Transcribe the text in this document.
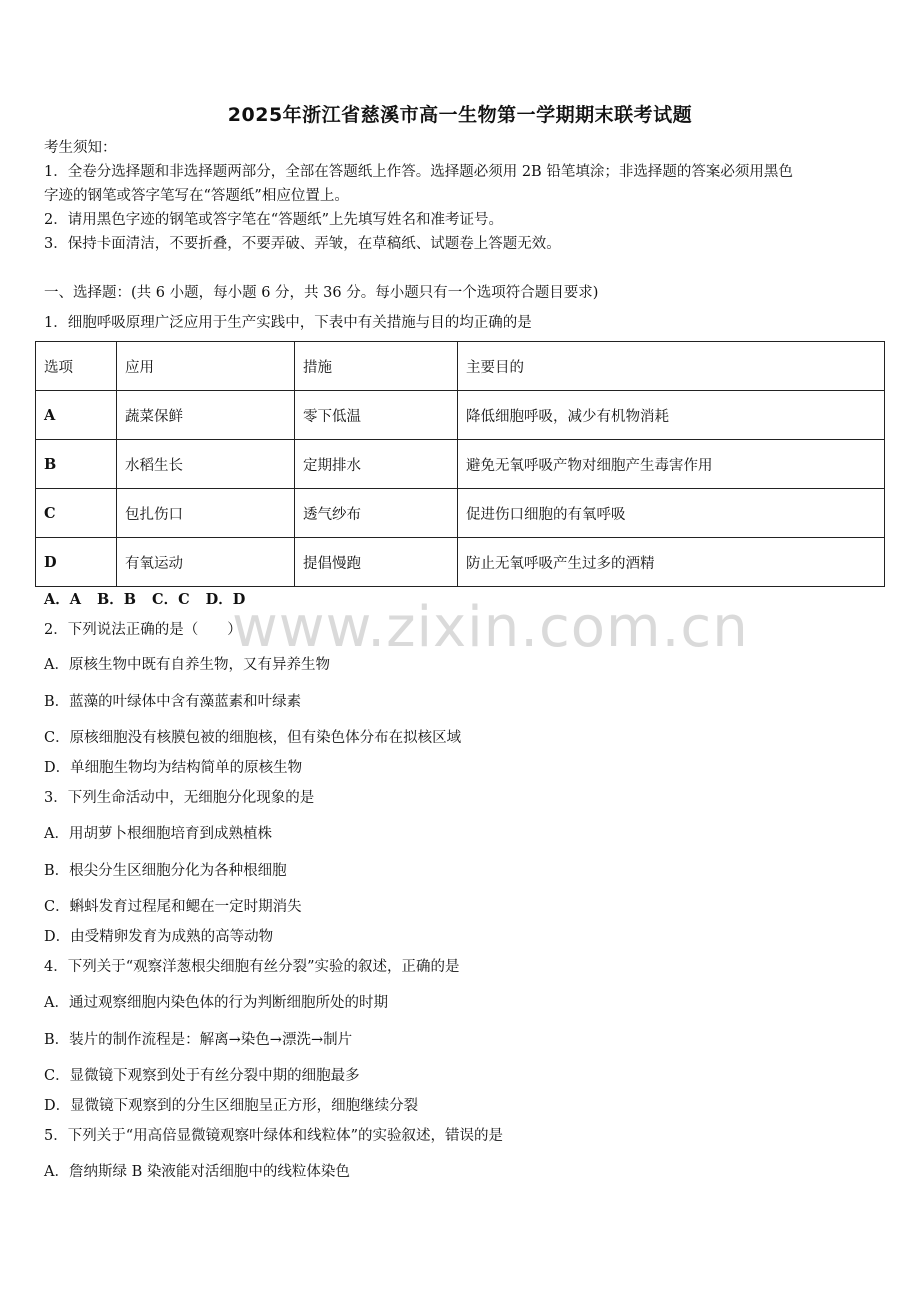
2025年浙江省慈溪市高一生物第一学期期末联考试题
考生须知：
1．全卷分选择题和非选择题两部分，全部在答题纸上作答。选择题必须用 2B 铅笔填涂；非选择题的答案必须用黑色
字迹的钢笔或答字笔写在“答题纸”相应位置上。
2．请用黑色字迹的钢笔或答字笔在“答题纸”上先填写姓名和准考证号。
3．保持卡面清洁，不要折叠，不要弄破、弄皱，在草稿纸、试题卷上答题无效。
一、选择题：(共 6 小题，每小题 6 分，共 36 分。每小题只有一个选项符合题目要求)
1．细胞呼吸原理广泛应用于生产实践中，下表中有关措施与目的均正确的是
选项	应用	措施	主要目的
A	蔬菜保鲜	零下低温	降低细胞呼吸，减少有机物消耗
B	水稻生长	定期排水	避免无氧呼吸产物对细胞产生毒害作用
C	包扎伤口	透气纱布	促进伤口细胞的有氧呼吸
D	有氧运动	提倡慢跑	防止无氧呼吸产生过多的酒精
A．A B．B C．C D．D
2．下列说法正确的是（　　）
A．原核生物中既有自养生物，又有异养生物
B．蓝藻的叶绿体中含有藻蓝素和叶绿素
C．原核细胞没有核膜包被的细胞核，但有染色体分布在拟核区域
D．单细胞生物均为结构简单的原核生物
3．下列生命活动中，无细胞分化现象的是
A．用胡萝卜根细胞培育到成熟植株
B．根尖分生区细胞分化为各种根细胞
C．蝌蚪发育过程尾和鳃在一定时期消失
D．由受精卵发育为成熟的高等动物
4．下列关于“观察洋葱根尖细胞有丝分裂”实验的叙述，正确的是
A．通过观察细胞内染色体的行为判断细胞所处的时期
B．装片的制作流程是：解离→染色→漂洗→制片
C．显微镜下观察到处于有丝分裂中期的细胞最多
D．显微镜下观察到的分生区细胞呈正方形，细胞继续分裂
5．下列关于“用高倍显微镜观察叶绿体和线粒体”的实验叙述，错误的是
A．詹纳斯绿 B 染液能对活细胞中的线粒体染色
www.zixin.com.cn
